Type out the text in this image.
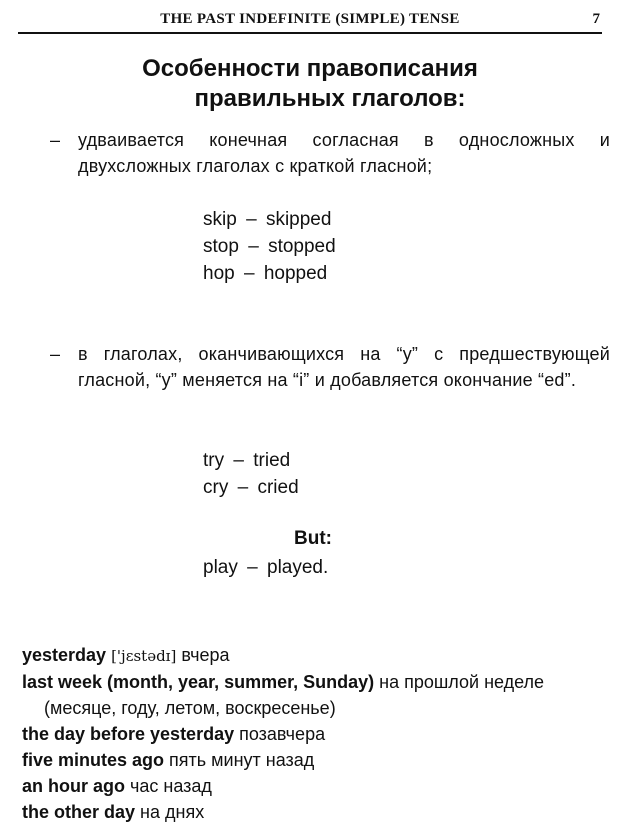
THE PAST INDEFINITE (SIMPLE) TENSE	7
Особенности правописания
правильных глаголов:
– удваивается конечная согласная в односложных и двухсложных глаголах с краткой гласной;
skip – skipped
stop – stopped
hop – hopped
– в глаголах, оканчивающихся на “y” с предшествующей гласной, “y” меняется на “i” и добавляется окончание “ed”.
try – tried
cry – cried
But:
play – played.
yesterday ['jɛstədɪ] вчера
last week (month, year, summer, Sunday) на прошлой неделе (месяце, году, летом, воскресенье)
the day before yesterday позавчера
five minutes ago пять минут назад
an hour ago час назад
the other day на днях
